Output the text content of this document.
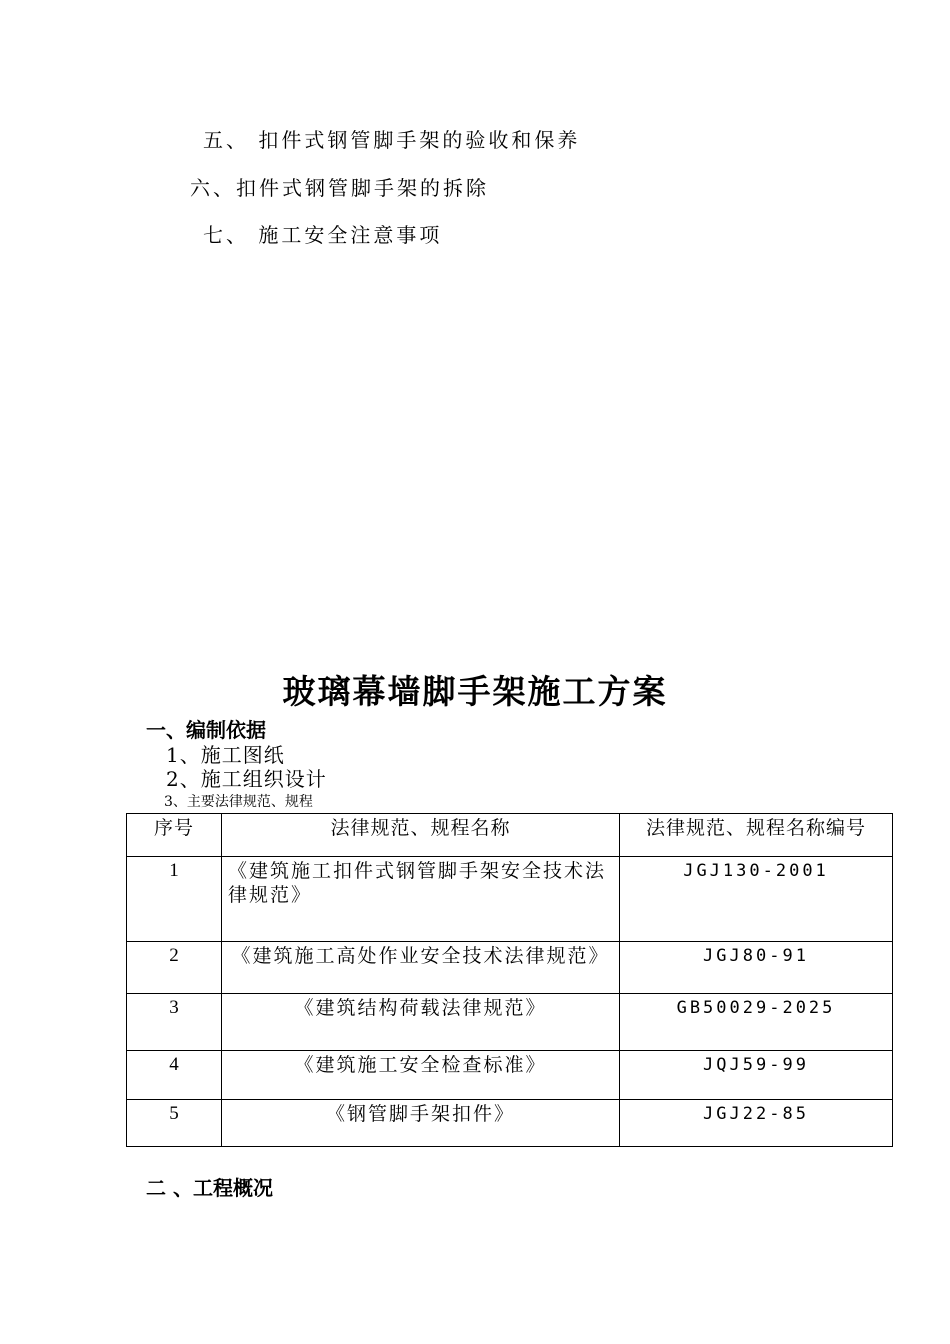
五、 扣件式钢管脚手架的验收和保养
六、扣件式钢管脚手架的拆除
七、 施工安全注意事项
玻璃幕墙脚手架施工方案
一、编制依据
1、施工图纸
2、施工组织设计
3、主要法律规范、规程
序号	法律规范、规程名称	法律规范、规程名称编号
1	《建筑施工扣件式钢管脚手架安全技术法律规范》	JGJ130-2001
2	《建筑施工高处作业安全技术法律规范》	JGJ80-91
3	《建筑结构荷载法律规范》	GB50029-2025
4	《建筑施工安全检查标准》	JQJ59-99
5	《钢管脚手架扣件》	JGJ22-85
二 、工程概况
